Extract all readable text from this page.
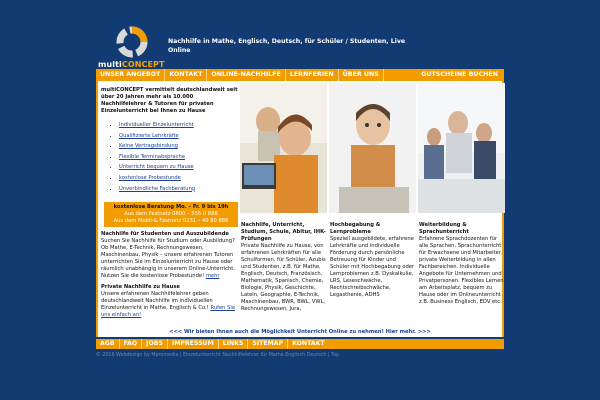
multiCONCEPT
Nachhilfe in Mathe, Englisch, Deutsch, für Schüler / Studenten, Live Online
UNSER ANGEBOT	KONTAKT	ONLINE-NACHHILFE	LERNFERIEN	ÜBER UNS	GUTSCHEINE BUCHEN
multiCONCEPT vermittelt deutschlandweit seit über 20 Jahren mehr als 10.000 Nachhilfelehrer & Tutoren für privaten Einzelunterricht bei Ihnen zu Hause
▪ Individueller Einzelunterricht
▪ Qualifizierte Lehrkräfte
▪ Keine Vertragsbindung
▪ Flexible Terminabsprache
▪ Unterricht bequem zu Hause
▪ kostenlose Probestunde
▪ Unverbindliche Fachberatung
kostenlose Beratung Mo. – Fr. 9 bis 19h
Aus dem Festnetz 0800 – 555 0 888
Aus dem Mobil-& Festnetz 0231 – 40 80 886
Nachhilfe für Studenten und Auszubildende
Suchen Sie Nachhilfe für Studium oder Ausbildung? Ob Mathe, E-Technik, Rechnungswesen, Maschinenbau, Physik – unsere erfahrenen Tutoren unterrichten Sie im Einzelunterricht zu Hause oder räumlich unabhängig in unserem Online-Unterricht. Nutzen Sie die kostenlose Probestunde! mehr
Private Nachhilfe zu Hause
Unsere erfahrenen Nachhilfelehrer geben deutschlandweit Nachhilfe im individuellen Einzelunterricht in Mathe, Englisch & Co.! Rufen Sie uns einfach an!
Nachhilfe, Unterricht, Studium, Schule, Abitur, IHK-Prüfungen
Private Nachhilfe zu Hause, von erfahrenen Lehrkräften für alle Schulformen, für Schüler, Azubis und Studenten, z.B. für Mathe, Englisch, Deutsch, Französisch, Mathematik, Spanisch, Chemie, Biologie, Physik, Geschichte, Latein, Geographie, E-Technik, Maschinenbau, BWR, BWL, VWL, Rechnungswesen, Jura,
Hochbegabung & Lernprobleme
Speziell ausgebildete, erfahrene Lehrkräfte und individuelle Förderung durch persönliche Betreuung für Kinder und Schüler mit Hochbegabung oder Lernproblemen z.B. Dyskalkulie, LRS, Leseschwäche, Rechtschreibschwäche, Legasthenie, ADHS
Weiterbildung & Sprachunterricht
Erfahrene Sprachdozenten für alle Sprachen, Sprachunterricht für Erwachsene und Mitarbeiter, private Weiterbildung in allen Fachbereichen. Individuelle Angebote für Unternehmen und Privatpersonen. Flexibles Lernen am Arbeitsplatz, bequem zu Hause oder im Onlineunterricht z.B. Business Englisch, EDV etc.
<<< Wir bieten Ihnen auch die Möglichkeit Unterricht Online zu nehmen! Hier mehr. >>>
AGB	FAQ	JOBS	IMPRESSUM	LINKS	SITEMAP	KONTAKT
© 2016 Webdesign by Mpromedia | Einzelunterricht Nachhilfelehrer für Mathe Englisch Deutsch | Top
